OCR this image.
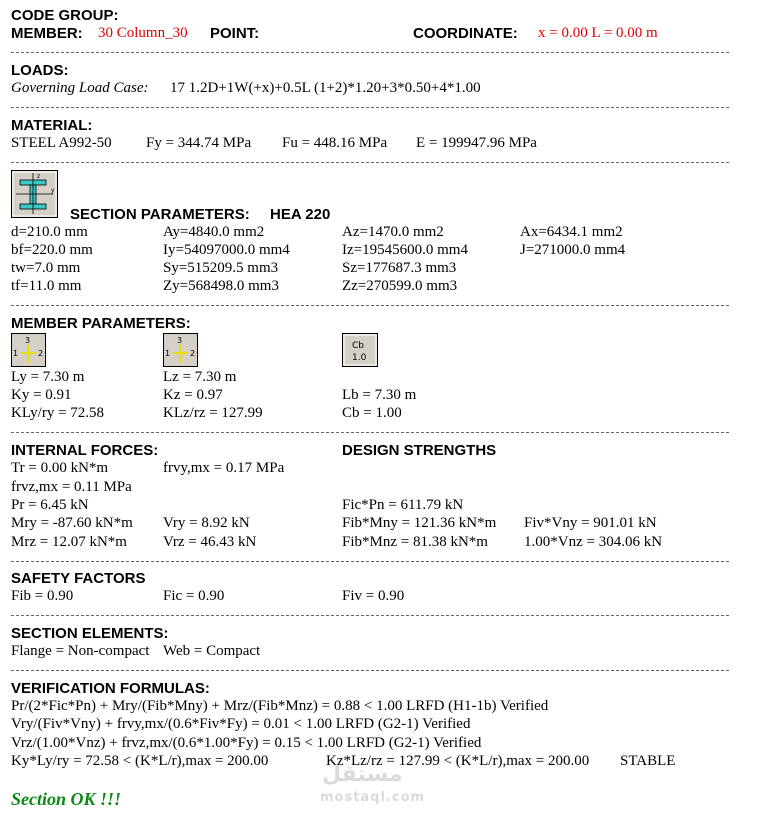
CODE GROUP:
MEMBER: 30 Column_30 POINT:	COORDINATE: x = 0.00 L = 0.00 m
LOADS:
Governing Load Case: 17 1.2D+1W(+x)+0.5L (1+2)*1.20+3*0.50+4*1.00
MATERIAL:
STEEL A992-50 Fy = 344.74 MPa Fu = 448.16 MPa E = 199947.96 MPa
z
y
SECTION PARAMETERS: HEA 220
d=210.0 mm	Ay=4840.0 mm2	Az=1470.0 mm2	Ax=6434.1 mm2
bf=220.0 mm	Iy=54097000.0 mm4	Iz=19545600.0 mm4	J=271000.0 mm4
tw=7.0 mm	Sy=515209.5 mm3	Sz=177687.3 mm3
tf=11.0 mm	Zy=568498.0 mm3	Zz=270599.0 mm3
MEMBER PARAMETERS:
3
1 2
3
1 2
Cb
1.0
Ly = 7.30 m	Lz = 7.30 m
Ky = 0.91	Kz = 0.97	Lb = 7.30 m
KLy/ry = 72.58	KLz/rz = 127.99	Cb = 1.00
INTERNAL FORCES:	DESIGN STRENGTHS
Tr = 0.00 kN*m	frvy,mx = 0.17 MPa
frvz,mx = 0.11 MPa
Pr = 6.45 kN	Fic*Pn = 611.79 kN
Mry = -87.60 kN*m Vry = 8.92 kN	Fib*Mny = 121.36 kN*m Fiv*Vny = 901.01 kN
Mrz = 12.07 kN*m Vrz = 46.43 kN	Fib*Mnz = 81.38 kN*m 1.00*Vnz = 304.06 kN
SAFETY FACTORS
Fib = 0.90	Fic = 0.90	Fiv = 0.90
SECTION ELEMENTS:
Flange = Non-compact Web = Compact
VERIFICATION FORMULAS:
Pr/(2*Fic*Pn) + Mry/(Fib*Mny) + Mrz/(Fib*Mnz) = 0.88 < 1.00 LRFD (H1-1b) Verified
Vry/(Fiv*Vny) + frvy,mx/(0.6*Fiv*Fy) = 0.01 < 1.00 LRFD (G2-1) Verified
Vrz/(1.00*Vnz) + frvz,mx/(0.6*1.00*Fy) = 0.15 < 1.00 LRFD (G2-1) Verified
Ky*Ly/ry = 72.58 < (K*L/r),max = 200.00	Kz*Lz/rz = 127.99 < (K*L/r),max = 200.00 STABLE
Section OK !!!
مستقل
mostaql.com
